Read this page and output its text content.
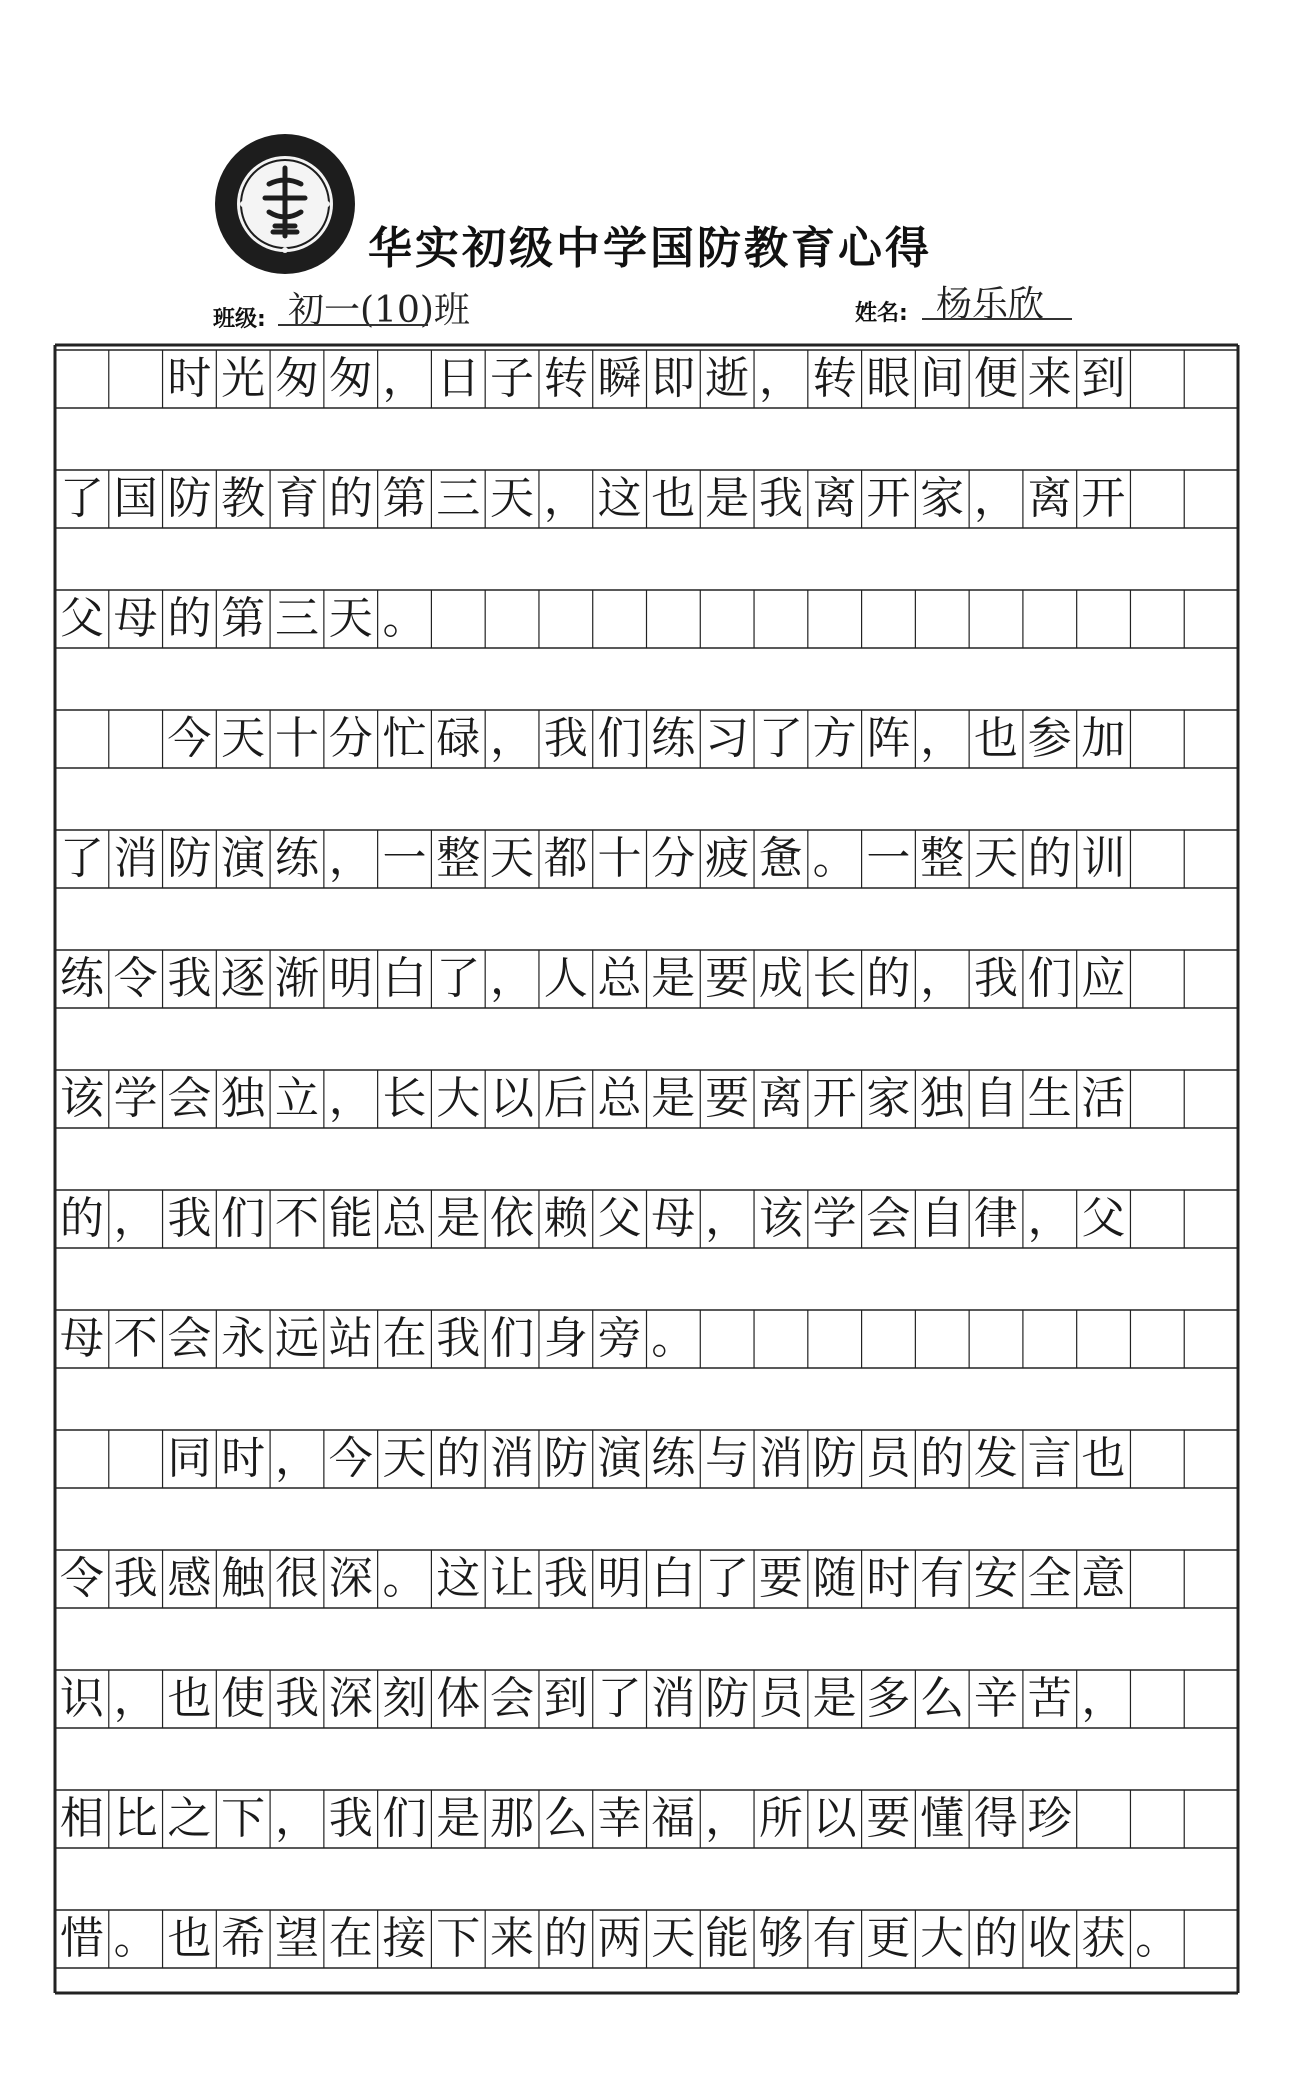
华实初级中学国防教育心得
班级: 初一(10)班	姓名: 杨乐欣
时 光 匆 匆 ， 日 子 转 瞬 即 逝 ， 转 眼 间 便 来 到
了 国 防 教 育 的 第 三 天 ， 这 也 是 我 离 开 家 ， 离 开
父 母 的 第 三 天 。
今 天 十 分 忙 碌 ， 我 们 练 习 了 方 阵 ， 也 参 加
了 消 防 演 练 ， 一 整 天 都 十 分 疲 惫 。 一 整 天 的 训
练 令 我 逐 渐 明 白 了 ， 人 总 是 要 成 长 的 ， 我 们 应
该 学 会 独 立 ， 长 大 以 后 总 是 要 离 开 家 独 自 生 活
的 ， 我 们 不 能 总 是 依 赖 父 母 ， 该 学 会 自 律 ， 父
母 不 会 永 远 站 在 我 们 身 旁 。
同 时 ， 今 天 的 消 防 演 练 与 消 防 员 的 发 言 也
令 我 感 触 很 深 。 这 让 我 明 白 了 要 随 时 有 安 全 意
识 ， 也 使 我 深 刻 体 会 到 了 消 防 员 是 多 么 辛 苦 ，
相 比 之 下 ， 我 们 是 那 么 幸 福 ， 所 以 要 懂 得 珍
惜 。 也 希 望 在 接 下 来 的 两 天 能 够 有 更 大 的 收 获 。
